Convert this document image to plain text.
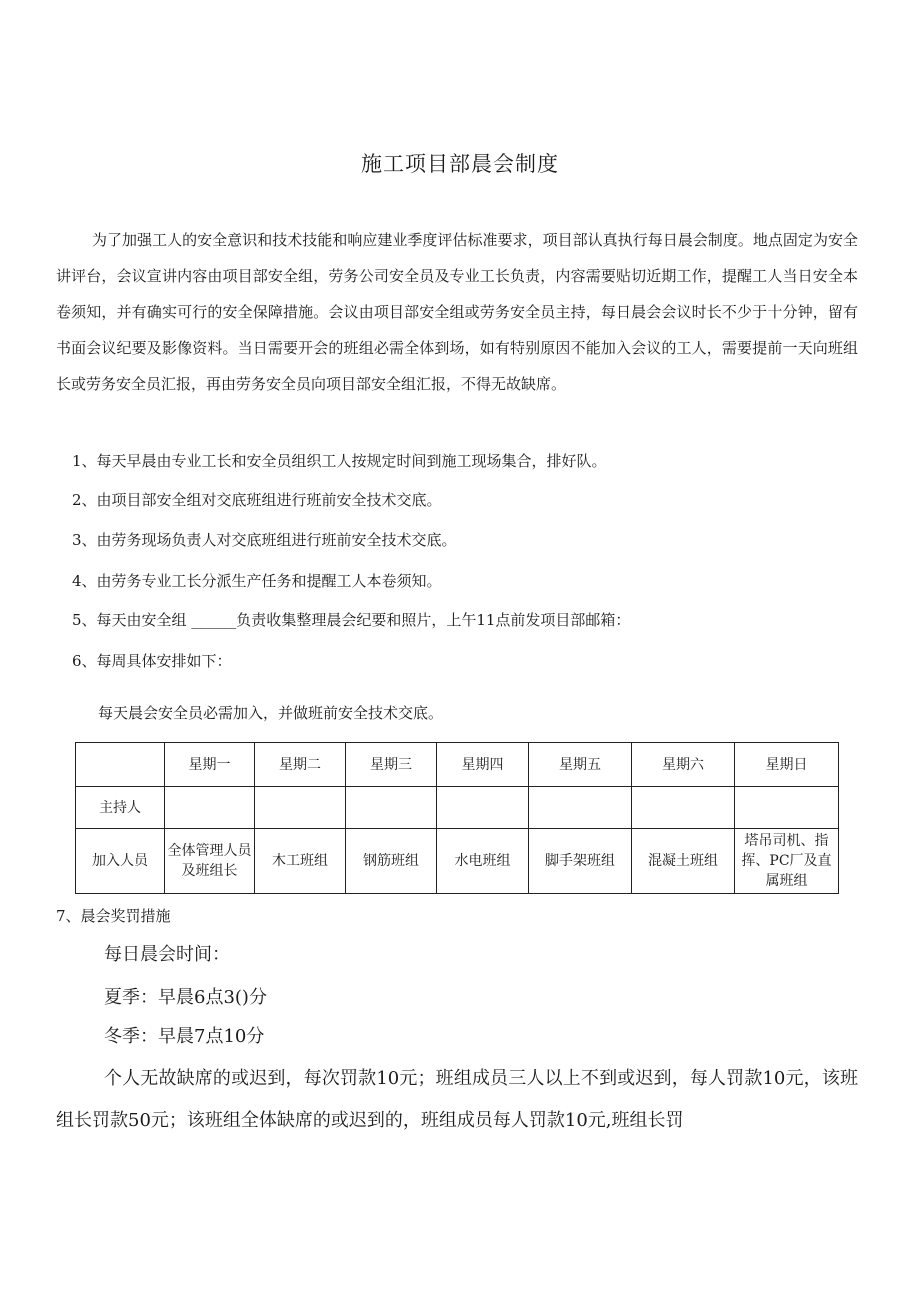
施工项目部晨会制度

为了加强工人的安全意识和技术技能和响应建业季度评估标准要求，项目部认真执行每日晨会制度。地点固定为安全讲评台，会议宣讲内容由项目部安全组，劳务公司安全员及专业工长负责，内容需要贴切近期工作，提醒工人当日安全本卷须知，并有确实可行的安全保障措施。会议由项目部安全组或劳务安全员主持，每日晨会会议时长不少于十分钟，留有书面会议纪要及影像资料。当日需要开会的班组必需全体到场，如有特别原因不能加入会议的工人，需要提前一天向班组长或劳务安全员汇报，再由劳务安全员向项目部安全组汇报，不得无故缺席。

1、每天早晨由专业工长和安全员组织工人按规定时间到施工现场集合，排好队。
2、由项目部安全组对交底班组进行班前安全技术交底。
3、由劳务现场负责人对交底班组进行班前安全技术交底。
4、由劳务专业工长分派生产任务和提醒工人本卷须知。
5、每天由安全组 ______负责收集整理晨会纪要和照片，上午11点前发项目部邮箱：
6、每周具体安排如下：
每天晨会安全员必需加入，并做班前安全技术交底。
	星期一	星期二	星期三	星期四	星期五	星期六	星期日
主持人							
加入人员	全体管理人员及班组长	木工班组	钢筋班组	水电班组	脚手架班组	混凝土班组	塔吊司机、指挥、PC厂及直属班组
7、晨会奖罚措施
每日晨会时间：
夏季：早晨6点3()分
冬季：早晨7点10分

个人无故缺席的或迟到，每次罚款10元；班组成员三人以上不到或迟到，每人罚款10元，该班组长罚款50元；该班组全体缺席的或迟到的，班组成员每人罚款10元,班组长罚
